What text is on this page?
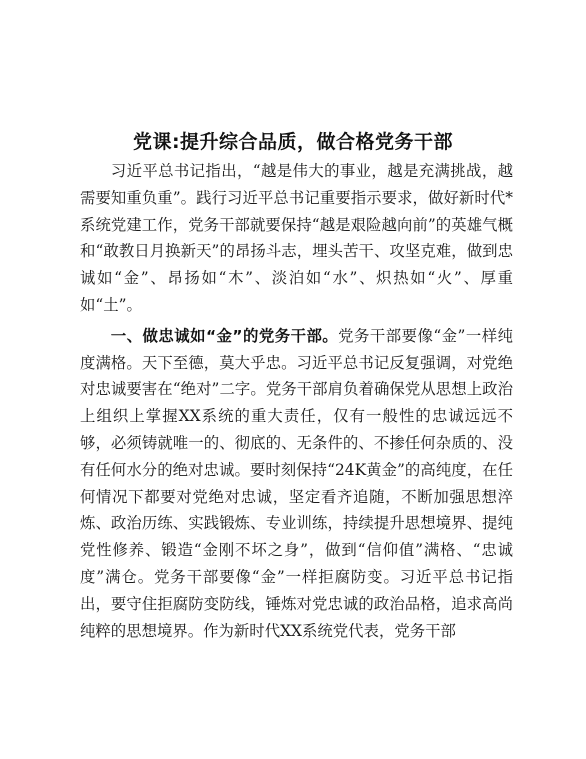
党课:提升综合品质，做合格党务干部

习近平总书记指出，“越是伟大的事业，越是充满挑战，越需要知重负重”。践行习近平总书记重要指示要求，做好新时代*系统党建工作，党务干部就要保持“越是艰险越向前”的英雄气概和“敢教日月换新天”的昂扬斗志，埋头苦干、攻坚克难，做到忠诚如“金”、昂扬如“木”、淡泊如“水”、炽热如“火”、厚重如“土”。

一、做忠诚如“金”的党务干部。党务干部要像“金”一样纯度满格。天下至德，莫大乎忠。习近平总书记反复强调，对党绝对忠诚要害在“绝对”二字。党务干部肩负着确保党从思想上政治上组织上掌握XX系统的重大责任，仅有一般性的忠诚远远不够，必须铸就唯一的、彻底的、无条件的、不掺任何杂质的、没有任何水分的绝对忠诚。要时刻保持“24K黄金”的高纯度，在任何情况下都要对党绝对忠诚，坚定看齐追随，不断加强思想淬炼、政治历练、实践锻炼、专业训练，持续提升思想境界、提纯党性修养、锻造“金刚不坏之身”，做到“信仰值”满格、“忠诚度”满仓。党务干部要像“金”一样拒腐防变。习近平总书记指出，要守住拒腐防变防线，锤炼对党忠诚的政治品格，追求高尚纯粹的思想境界。作为新时代XX系统党代表，党务干部
